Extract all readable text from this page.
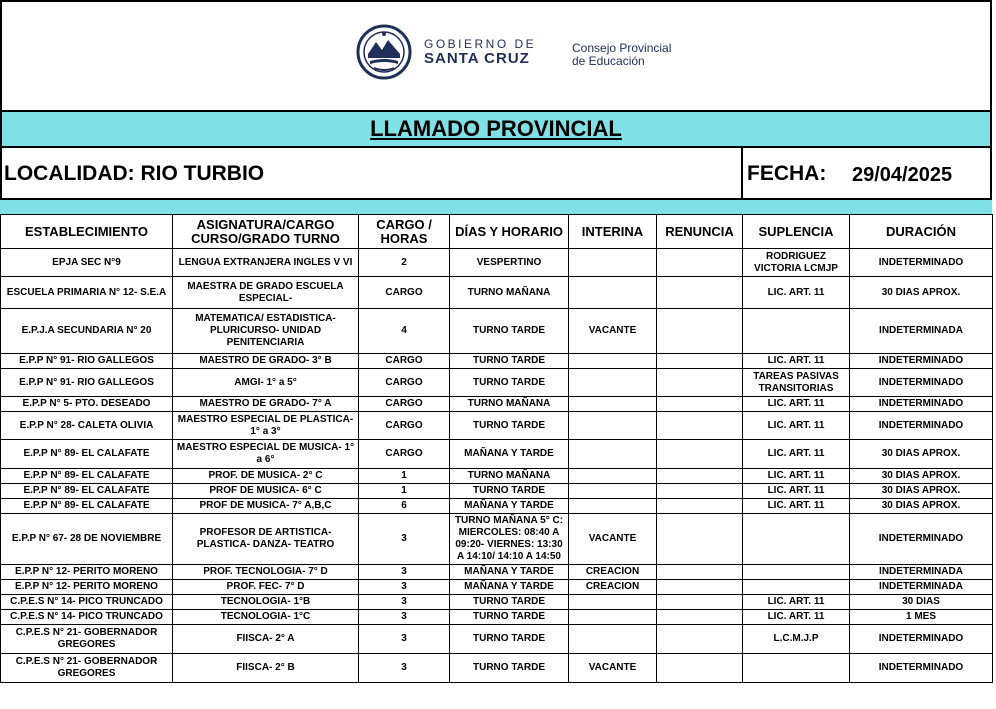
GOBIERNO DE
SANTA CRUZ
Consejo Provincial
de Educación
LLAMADO PROVINCIAL
LOCALIDAD: RIO TURBIO	FECHA: 29/04/2025
ESTABLECIMIENTO	ASIGNATURA/CARGO CURSO/GRADO TURNO	CARGO / HORAS	DÍAS Y HORARIO	INTERINA	RENUNCIA	SUPLENCIA	DURACIÓN
EPJA SEC N°9	LENGUA EXTRANJERA INGLES V VI	2	VESPERTINO			RODRIGUEZ VICTORIA LCMJP	INDETERMINADO
ESCUELA PRIMARIA N° 12- S.E.A	MAESTRA DE GRADO ESCUELA ESPECIAL-	CARGO	TURNO MAÑANA			LIC. ART. 11	30 DIAS APROX.
E.P.J.A SECUNDARIA N° 20	MATEMATICA/ ESTADISTICA- PLURICURSO- UNIDAD PENITENCIARIA	4	TURNO TARDE	VACANTE			INDETERMINADA
E.P.P N° 91- RIO GALLEGOS	MAESTRO DE GRADO- 3° B	CARGO	TURNO TARDE			LIC. ART. 11	INDETERMINADO
E.P.P N° 91- RIO GALLEGOS	AMGI- 1° a 5°	CARGO	TURNO TARDE			TAREAS PASIVAS TRANSITORIAS	INDETERMINADO
E.P.P N° 5- PTO. DESEADO	MAESTRO DE GRADO- 7° A	CARGO	TURNO MAÑANA			LIC. ART. 11	INDETERMINADO
E.P.P N° 28- CALETA OLIVIA	MAESTRO ESPECIAL DE PLASTICA- 1° a 3°	CARGO	TURNO TARDE			LIC. ART. 11	INDETERMINADO
E.P.P N° 89- EL CALAFATE	MAESTRO ESPECIAL DE MUSICA- 1° a 6°	CARGO	MAÑANA Y TARDE			LIC. ART. 11	30 DIAS APROX.
E.P.P N° 89- EL CALAFATE	PROF. DE MUSICA- 2° C	1	TURNO MAÑANA			LIC. ART. 11	30 DIAS APROX.
E.P.P N° 89- EL CALAFATE	PROF DE MUSICA- 6° C	1	TURNO TARDE			LIC. ART. 11	30 DIAS APROX.
E.P.P N° 89- EL CALAFATE	PROF DE MUSICA- 7° A,B,C	6	MAÑANA Y TARDE			LIC. ART. 11	30 DIAS APROX.
E.P.P N° 67- 28 DE NOVIEMBRE	PROFESOR DE ARTISTICA- PLASTICA- DANZA- TEATRO	3	TURNO MAÑANA 5° C: MIERCOLES: 08:40 A 09:20- VIERNES: 13:30 A 14:10/ 14:10 A 14:50	VACANTE			INDETERMINADO
E.P.P N° 12- PERITO MORENO	PROF. TECNOLOGIA- 7° D	3	MAÑANA Y TARDE	CREACION			INDETERMINADA
E.P.P N° 12- PERITO MORENO	PROF. FEC- 7° D	3	MAÑANA Y TARDE	CREACION			INDETERMINADA
C.P.E.S N° 14- PICO TRUNCADO	TECNOLOGIA- 1°B	3	TURNO TARDE			LIC. ART. 11	30 DIAS
C.P.E.S N° 14- PICO TRUNCADO	TECNOLOGIA- 1°C	3	TURNO TARDE			LIC. ART. 11	1 MES
C.P.E.S N° 21- GOBERNADOR GREGORES	FIISCA- 2° A	3	TURNO TARDE			L.C.M.J.P	INDETERMINADO
C.P.E.S N° 21- GOBERNADOR GREGORES	FIISCA- 2° B	3	TURNO TARDE	VACANTE			INDETERMINADO
